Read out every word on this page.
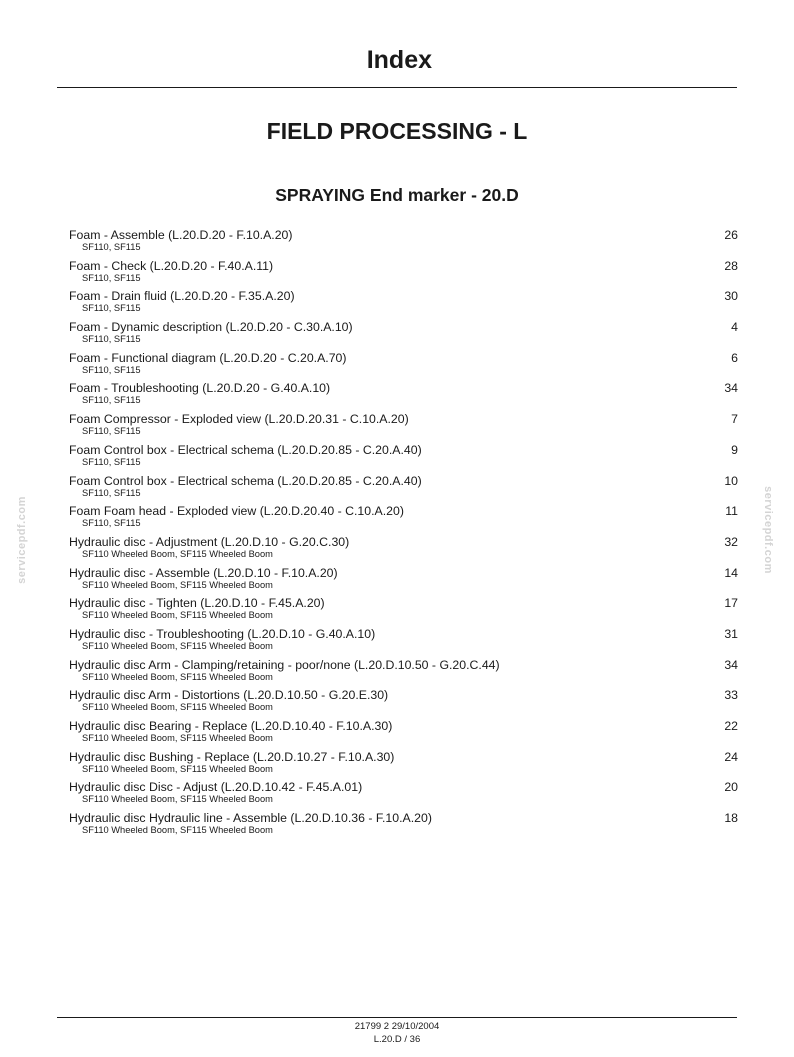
Index
FIELD PROCESSING - L
SPRAYING End marker - 20.D
Foam - Assemble (L.20.D.20 - F.10.A.20)
SF110, SF115
26
Foam - Check (L.20.D.20 - F.40.A.11)
SF110, SF115
28
Foam - Drain fluid (L.20.D.20 - F.35.A.20)
SF110, SF115
30
Foam - Dynamic description (L.20.D.20 - C.30.A.10)
SF110, SF115
4
Foam - Functional diagram (L.20.D.20 - C.20.A.70)
SF110, SF115
6
Foam - Troubleshooting (L.20.D.20 - G.40.A.10)
SF110, SF115
34
Foam Compressor - Exploded view (L.20.D.20.31 - C.10.A.20)
SF110, SF115
7
Foam Control box - Electrical schema (L.20.D.20.85 - C.20.A.40)
SF110, SF115
9
Foam Control box - Electrical schema (L.20.D.20.85 - C.20.A.40)
SF110, SF115
10
Foam Foam head - Exploded view (L.20.D.20.40 - C.10.A.20)
SF110, SF115
11
Hydraulic disc - Adjustment (L.20.D.10 - G.20.C.30)
SF110 Wheeled Boom, SF115 Wheeled Boom
32
Hydraulic disc - Assemble (L.20.D.10 - F.10.A.20)
SF110 Wheeled Boom, SF115 Wheeled Boom
14
Hydraulic disc - Tighten (L.20.D.10 - F.45.A.20)
SF110 Wheeled Boom, SF115 Wheeled Boom
17
Hydraulic disc - Troubleshooting (L.20.D.10 - G.40.A.10)
SF110 Wheeled Boom, SF115 Wheeled Boom
31
Hydraulic disc Arm - Clamping/retaining - poor/none (L.20.D.10.50 - G.20.C.44)
SF110 Wheeled Boom, SF115 Wheeled Boom
34
Hydraulic disc Arm - Distortions (L.20.D.10.50 - G.20.E.30)
SF110 Wheeled Boom, SF115 Wheeled Boom
33
Hydraulic disc Bearing - Replace (L.20.D.10.40 - F.10.A.30)
SF110 Wheeled Boom, SF115 Wheeled Boom
22
Hydraulic disc Bushing - Replace (L.20.D.10.27 - F.10.A.30)
SF110 Wheeled Boom, SF115 Wheeled Boom
24
Hydraulic disc Disc - Adjust (L.20.D.10.42 - F.45.A.01)
SF110 Wheeled Boom, SF115 Wheeled Boom
20
Hydraulic disc Hydraulic line - Assemble (L.20.D.10.36 - F.10.A.20)
SF110 Wheeled Boom, SF115 Wheeled Boom
18
servicepdf.com	servicepdf.com
21799 2 29/10/2004
L.20.D / 36
